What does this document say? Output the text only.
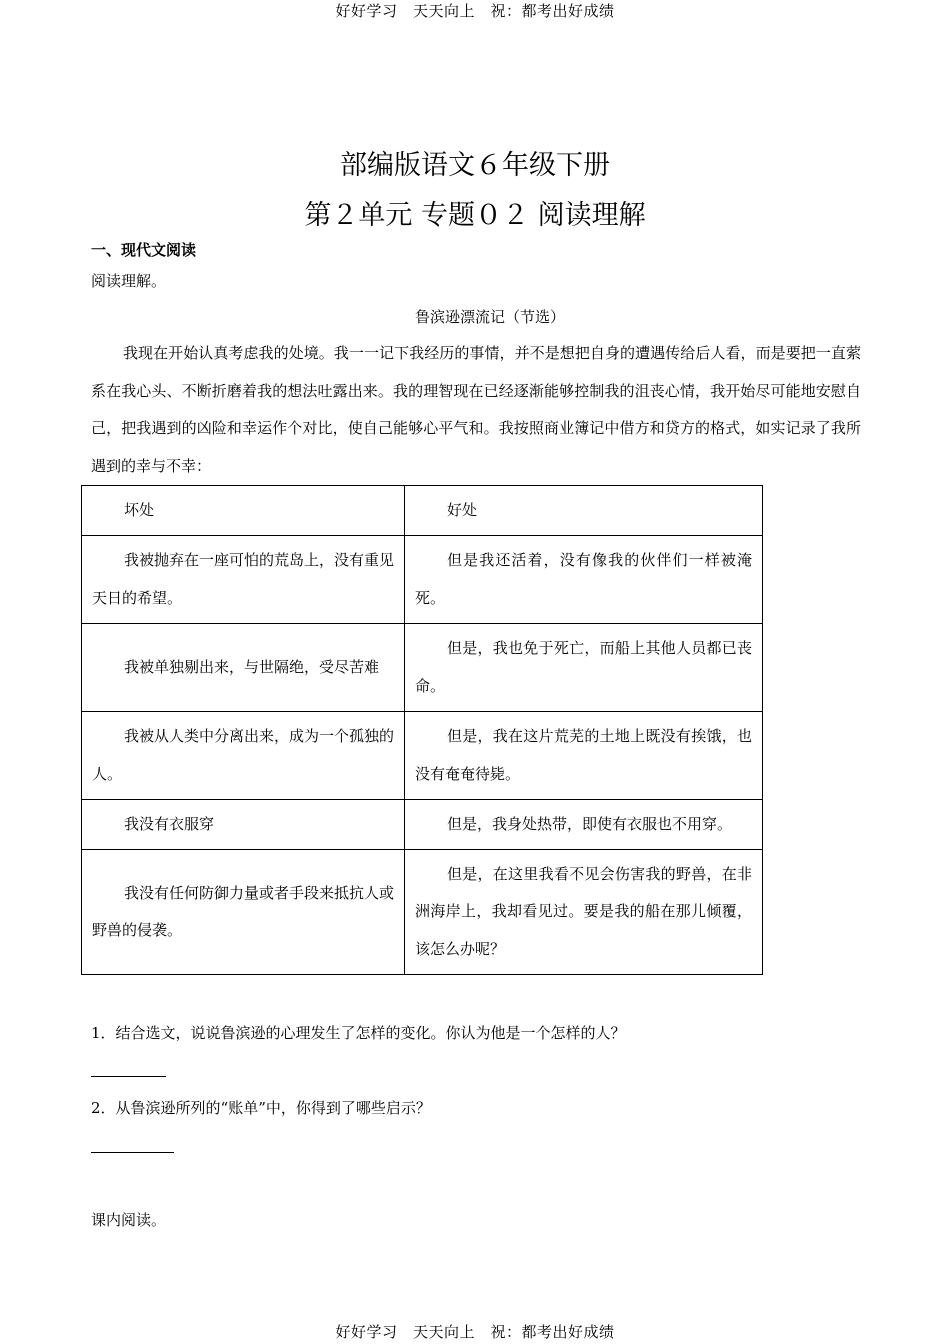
好好学习　天天向上　祝：都考出好成绩
部编版语文６年级下册
第２单元 专题０２ 阅读理解
一、现代文阅读
阅读理解。
鲁滨逊漂流记（节选）
我现在开始认真考虑我的处境。我一一记下我经历的事情，并不是想把自身的遭遇传给后人看，而是要把一直萦系在我心头、不断折磨着我的想法吐露出来。我的理智现在已经逐渐能够控制我的沮丧心情，我开始尽可能地安慰自己，把我遇到的凶险和幸运作个对比，使自己能够心平气和。我按照商业簿记中借方和贷方的格式，如实记录了我所遇到的幸与不幸：
坏处	好处
我被抛弃在一座可怕的荒岛上，没有重见天日的希望。	但是我还活着，没有像我的伙伴们一样被淹死。
我被单独剔出来，与世隔绝，受尽苦难	但是，我也免于死亡，而船上其他人员都已丧命。
我被从人类中分离出来，成为一个孤独的人。	但是，我在这片荒芜的土地上既没有挨饿，也没有奄奄待毙。
我没有衣服穿	但是，我身处热带，即使有衣服也不用穿。
我没有任何防御力量或者手段来抵抗人或野兽的侵袭。	但是，在这里我看不见会伤害我的野兽，在非洲海岸上，我却看见过。要是我的船在那儿倾覆，该怎么办呢？
1．结合选文，说说鲁滨逊的心理发生了怎样的变化。你认为他是一个怎样的人？
2．从鲁滨逊所列的“账单”中，你得到了哪些启示？
课内阅读。
好好学习　天天向上　祝：都考出好成绩
